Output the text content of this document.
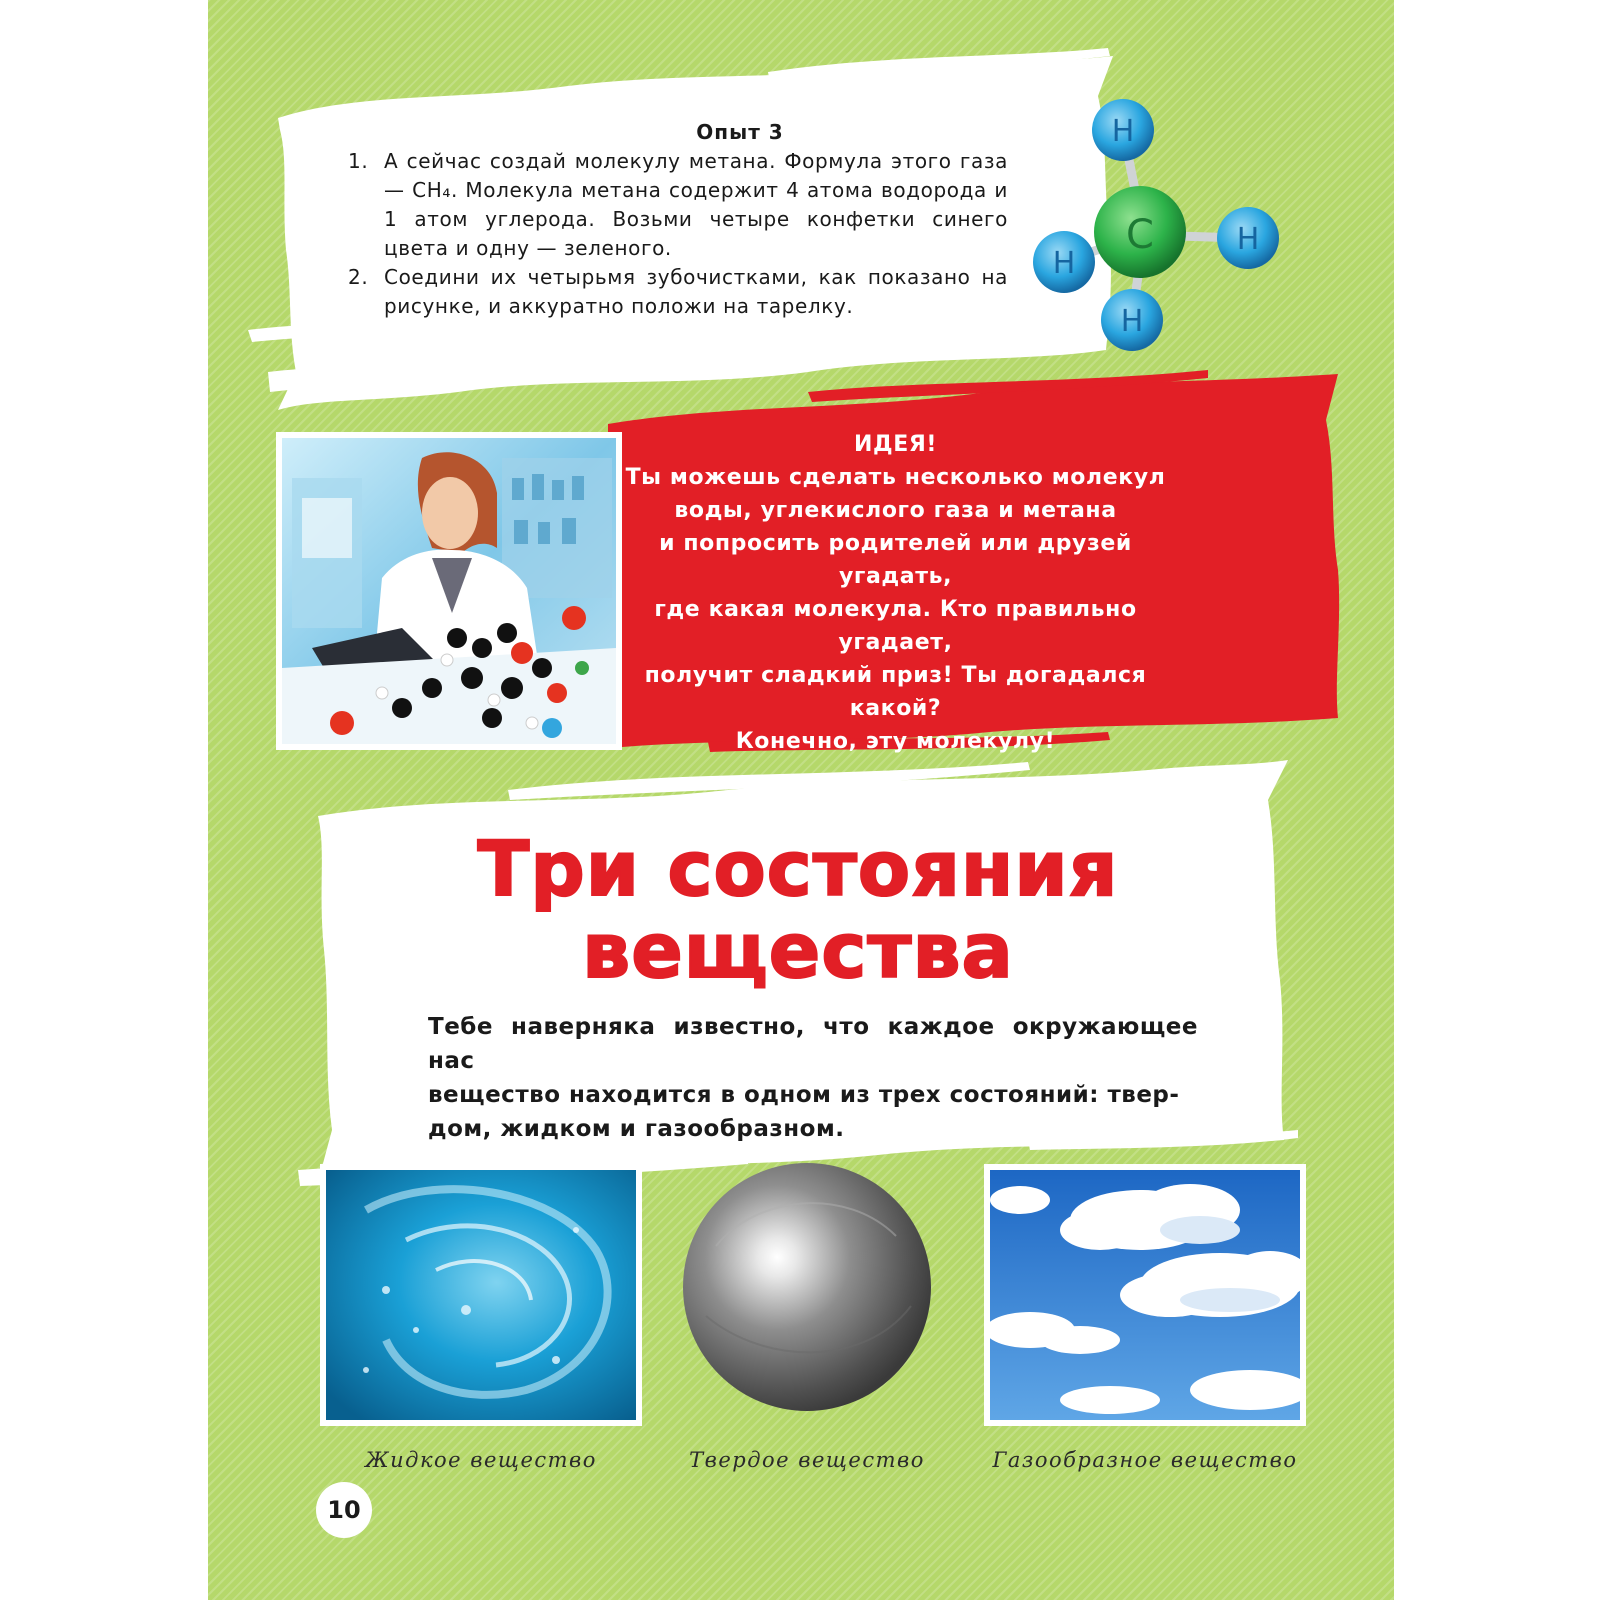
Опыт 3
1. А сейчас создай молекулу метана. Формула этого газа — CH₄. Молекула метана содержит 4 атома водорода и 1 атом углерода. Возьми четыре конфетки синего цвета и одну — зеленого.
2. Соедини их четырьмя зубочистками, как показано на рисунке, и аккуратно положи на тарелку.
H
H
H
H
C
ИДЕЯ!
Ты можешь сделать несколько молекул
воды, углекислого газа и метана
и попросить родителей или друзей угадать,
где какая молекула. Кто правильно угадает,
получит сладкий приз! Ты догадался какой?
Конечно, эту молекулу!
Три состояния
вещества
Тебе наверняка известно, что каждое окружающее нас
вещество находится в одном из трех состояний: твер-
дом, жидком и газообразном.
Жидкое вещество	Твердое вещество	Газообразное вещество
10
